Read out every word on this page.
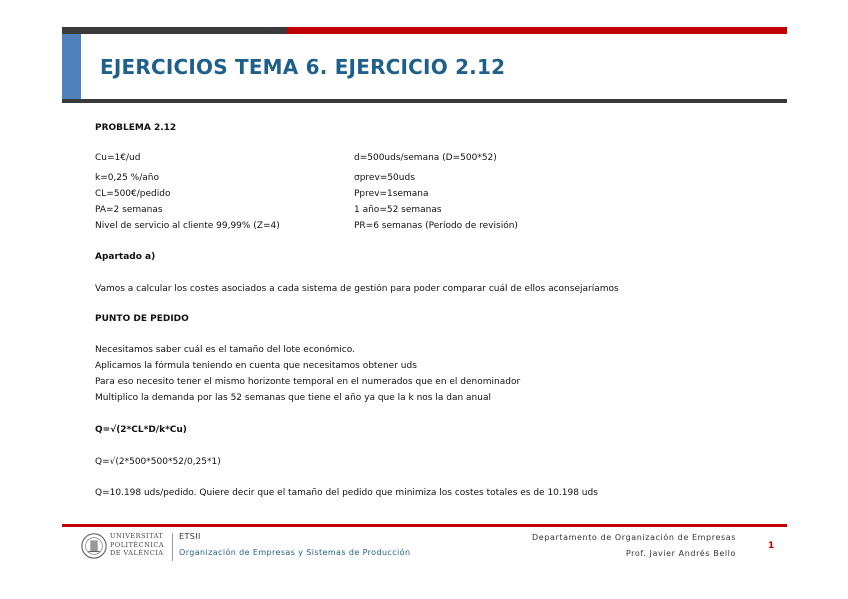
EJERCICIOS TEMA 6. EJERCICIO 2.12
PROBLEMA 2.12
Cu=1€/ud	d=500uds/semana (D=500*52)
k=0,25 %/año	σprev=50uds
CL=500€/pedido	Pprev=1semana
PA=2 semanas	1 año=52 semanas
Nivel de servicio al cliente 99,99% (Z=4)	PR=6 semanas (Período de revisión)
Apartado a)
Vamos a calcular los costes asociados a cada sistema de gestión para poder comparar cuál de ellos aconsejaríamos
PUNTO DE PEDIDO
Necesitamos saber cuál es el tamaño del lote económico.
Aplicamos la fórmula teniendo en cuenta que necesitamos obtener uds
Para eso necesito tener el mismo horizonte temporal en el numerados que en el denominador
Multiplico la demanda por las 52 semanas que tiene el año ya que la k nos la dan anual
Q=√(2*CL*D/k*Cu)
Q=√(2*500*500*52/0,25*1)
Q=10.198 uds/pedido. Quiere decir que el tamaño del pedido que minimiza los costes totales es de 10.198 uds
UNIVERSITAT
POLITÈCNICA
DE VALÈNCIA
ETSII
Organización de Empresas y Sistemas de Producción
Departamento de Organización de Empresas
Prof. Javier Andrés Bello
1
